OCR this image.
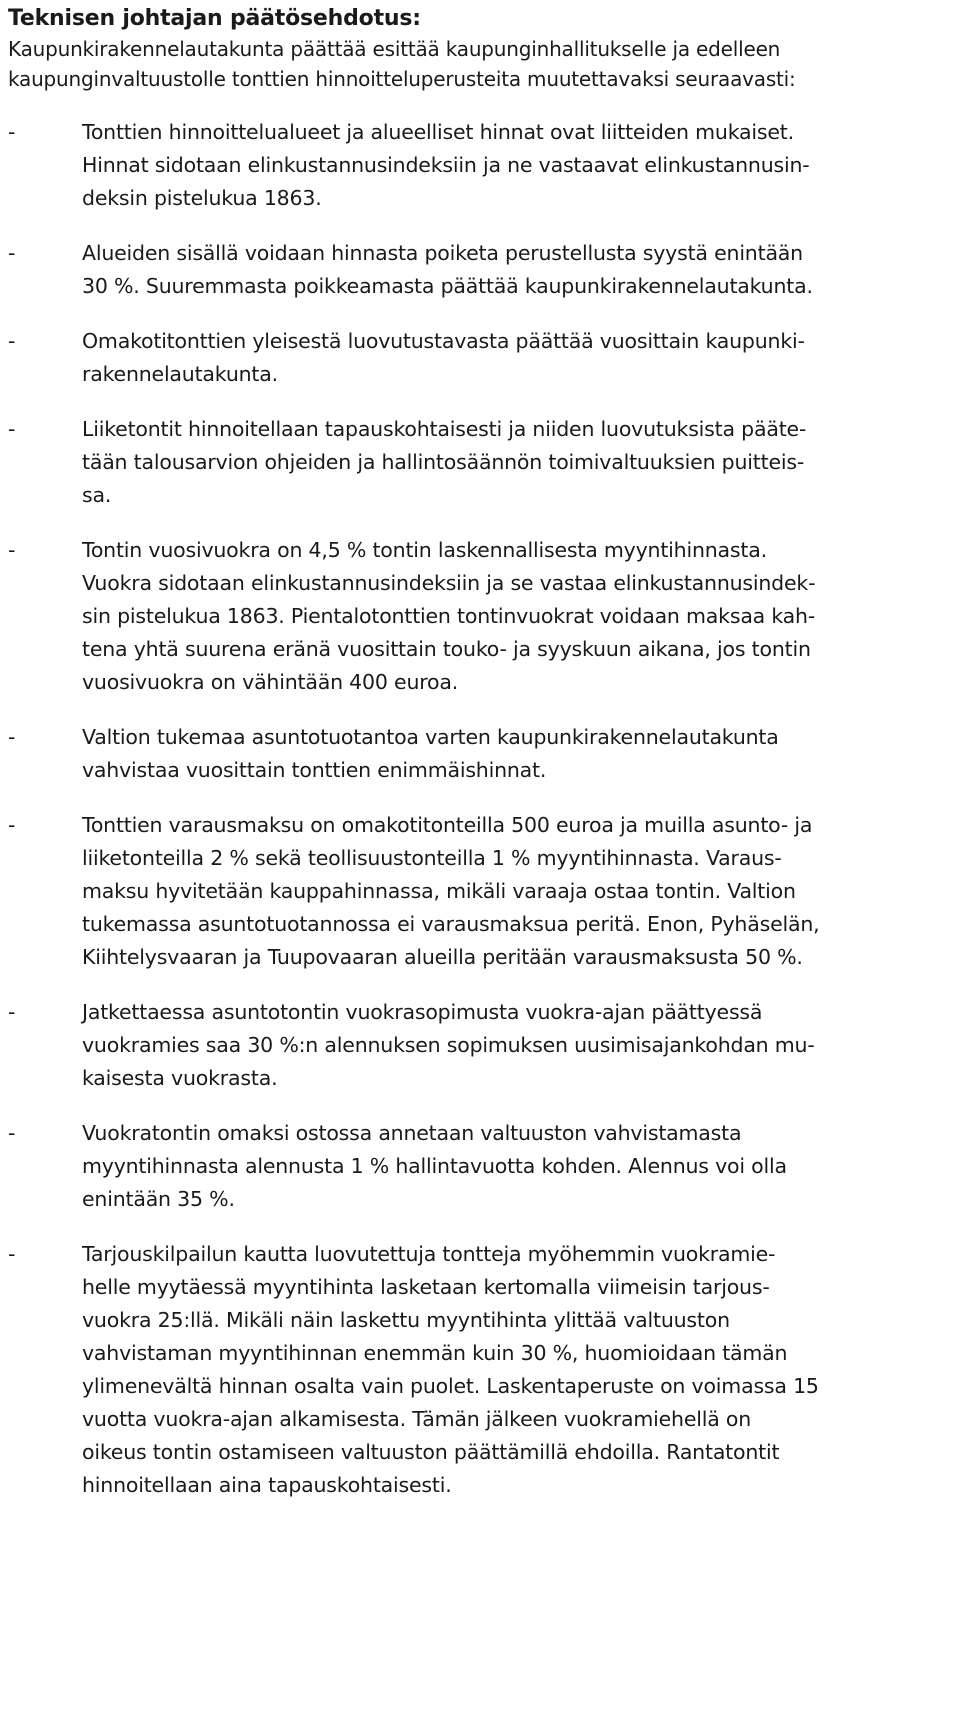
Teknisen johtajan päätösehdotus:

Kaupunkirakennelautakunta päättää esittää kaupunginhallitukselle ja edelleen
kaupunginvaltuustolle tonttien hinnoitteluperusteita muutettavaksi seuraavasti:

-	Tonttien hinnoittelualueet ja alueelliset hinnat ovat liitteiden mukaiset.
Hinnat sidotaan elinkustannusindeksiin ja ne vastaavat elinkustannusin-
deksin pistelukua 1863.
-	Alueiden sisällä voidaan hinnasta poiketa perustellusta syystä enintään
30 %. Suuremmasta poikkeamasta päättää kaupunkirakennelautakunta.
-	Omakotitonttien yleisestä luovutustavasta päättää vuosittain kaupunki-
rakennelautakunta.
-	Liiketontit hinnoitellaan tapauskohtaisesti ja niiden luovutuksista pääte-
tään talousarvion ohjeiden ja hallintosäännön toimivaltuuksien puitteis-
sa.
-	Tontin vuosivuokra on 4,5 % tontin laskennallisesta myyntihinnasta.
Vuokra sidotaan elinkustannusindeksiin ja se vastaa elinkustannusindek-
sin pistelukua 1863. Pientalotonttien tontinvuokrat voidaan maksaa kah-
tena yhtä suurena eränä vuosittain touko- ja syyskuun aikana, jos tontin
vuosivuokra on vähintään 400 euroa.
-	Valtion tukemaa asuntotuotantoa varten kaupunkirakennelautakunta
vahvistaa vuosittain tonttien enimmäishinnat.
-	Tonttien varausmaksu on omakotitonteilla 500 euroa ja muilla asunto- ja
liiketonteilla 2 % sekä teollisuustonteilla 1 % myyntihinnasta. Varaus-
maksu hyvitetään kauppahinnassa, mikäli varaaja ostaa tontin. Valtion
tukemassa asuntotuotannossa ei varausmaksua peritä. Enon, Pyhäselän,
Kiihtelysvaaran ja Tuupovaaran alueilla peritään varausmaksusta 50 %.
-	Jatkettaessa asuntotontin vuokrasopimusta vuokra-ajan päättyessä
vuokramies saa 30 %:n alennuksen sopimuksen uusimisajankohdan mu-
kaisesta vuokrasta.
-	Vuokratontin omaksi ostossa annetaan valtuuston vahvistamasta
myyntihinnasta alennusta 1 % hallintavuotta kohden. Alennus voi olla
enintään 35 %.
-	Tarjouskilpailun kautta luovutettuja tontteja myöhemmin vuokramie-
helle myytäessä myyntihinta lasketaan kertomalla viimeisin tarjous-
vuokra 25:llä. Mikäli näin laskettu myyntihinta ylittää valtuuston
vahvistaman myyntihinnan enemmän kuin 30 %, huomioidaan tämän
ylimenevältä hinnan osalta vain puolet. Laskentaperuste on voimassa 15
vuotta vuokra-ajan alkamisesta. Tämän jälkeen vuokramiehellä on
oikeus tontin ostamiseen valtuuston päättämillä ehdoilla. Rantatontit
hinnoitellaan aina tapauskohtaisesti.
